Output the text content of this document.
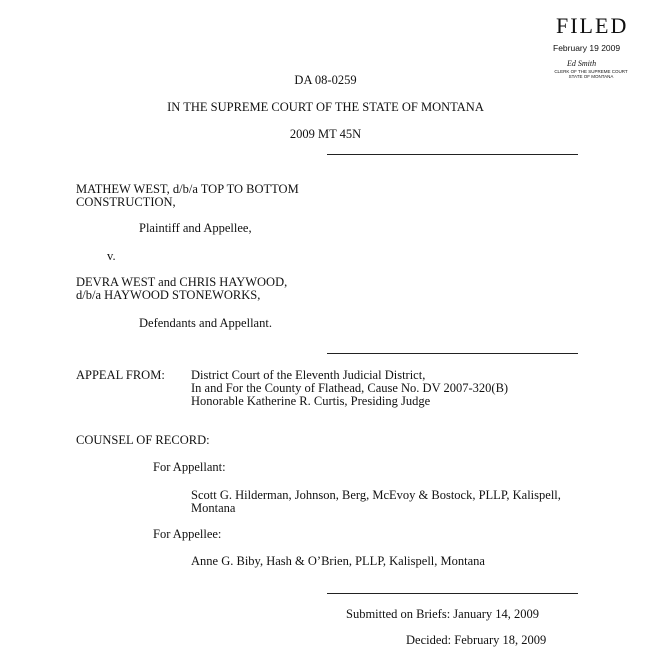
FILED
February 19 2009
Ed Smith
CLERK OF THE SUPREME COURT
STATE OF MONTANA
DA 08-0259
IN THE SUPREME COURT OF THE STATE OF MONTANA
2009 MT 45N
MATHEW WEST, d/b/a TOP TO BOTTOM
CONSTRUCTION,
Plaintiff and Appellee,
v.
DEVRA WEST and CHRIS HAYWOOD,
d/b/a HAYWOOD STONEWORKS,
Defendants and Appellant.
APPEAL FROM: District Court of the Eleventh Judicial District,
In and For the County of Flathead, Cause No. DV 2007-320(B)
Honorable Katherine R. Curtis, Presiding Judge
COUNSEL OF RECORD:
For Appellant:
Scott G. Hilderman, Johnson, Berg, McEvoy & Bostock, PLLP, Kalispell,
Montana
For Appellee:
Anne G. Biby, Hash & O’Brien, PLLP, Kalispell, Montana
Submitted on Briefs: January 14, 2009
Decided: February 18, 2009
